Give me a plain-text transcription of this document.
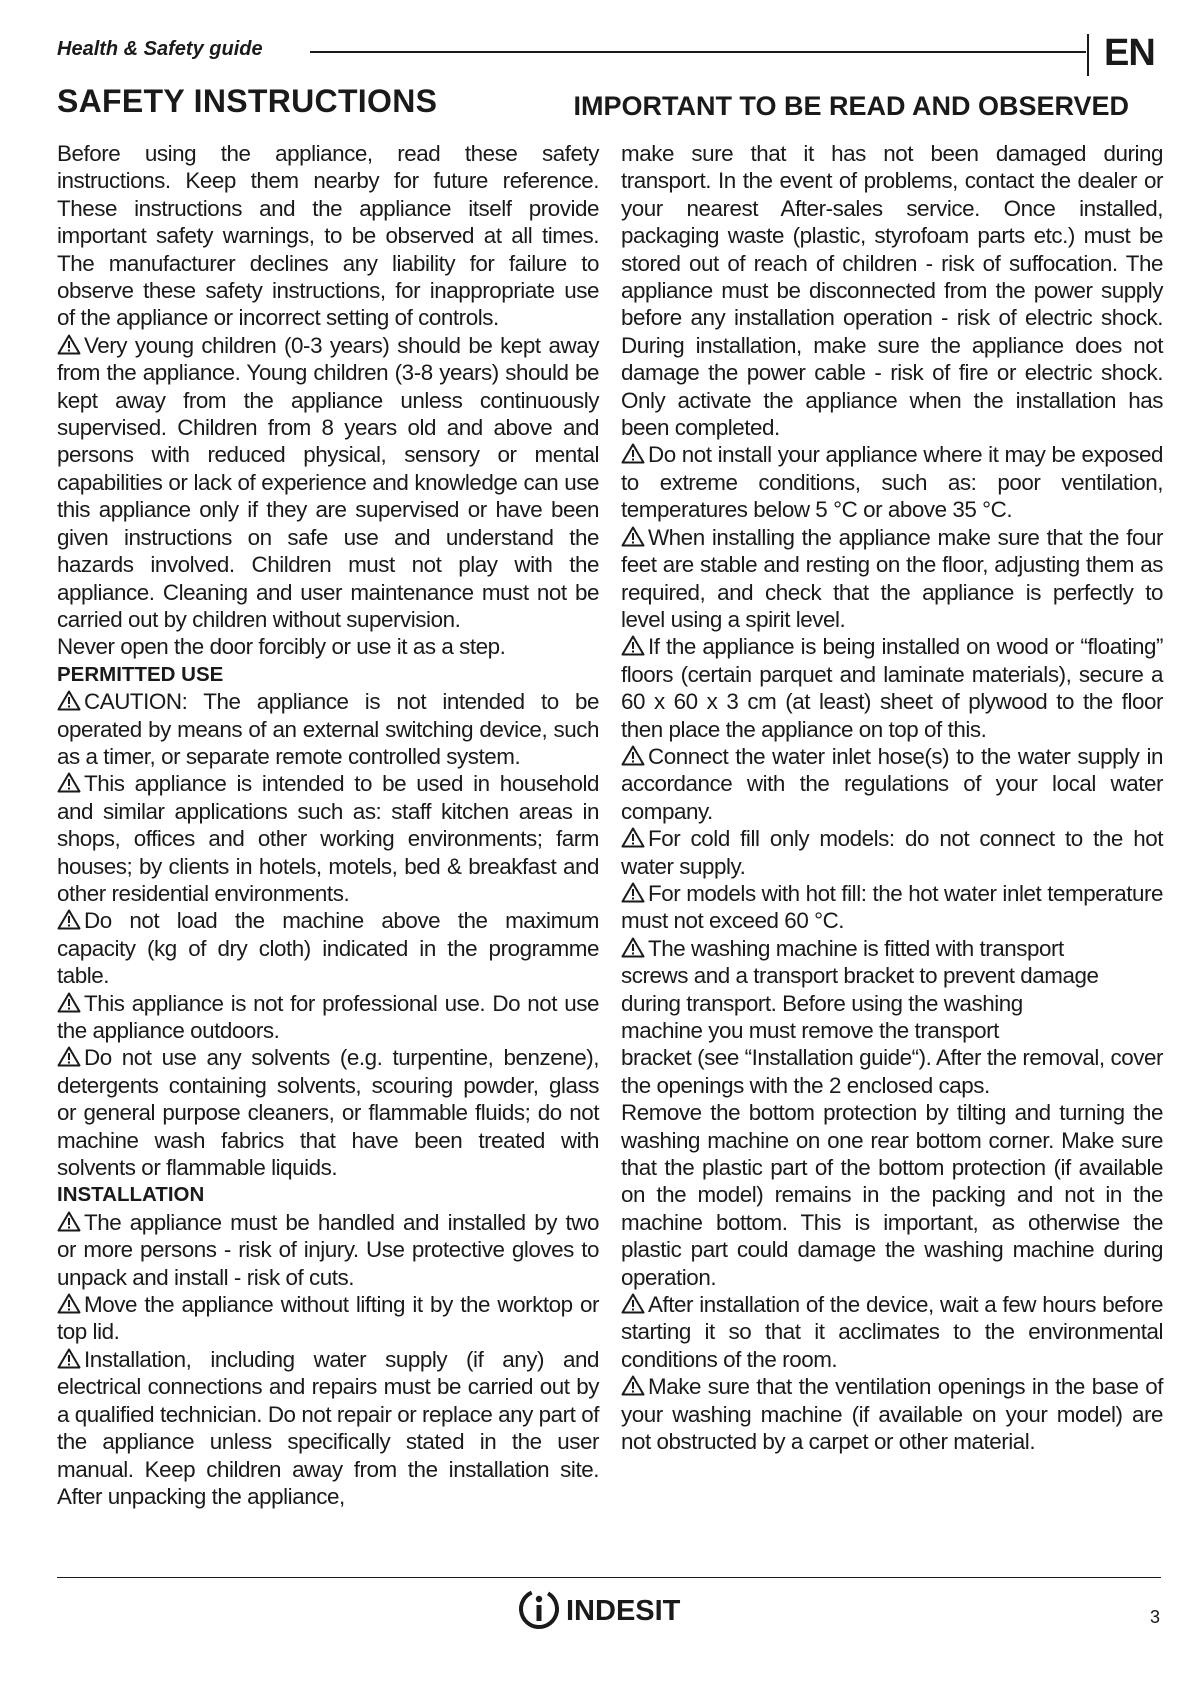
Health & Safety guide	EN
SAFETY INSTRUCTIONS	IMPORTANT TO BE READ AND OBSERVED

Before using the appliance, read these safety instructions. Keep them nearby for future reference. These instructions and the appliance itself provide important safety warnings, to be observed at all times. The manufacturer declines any liability for failure to observe these safety instructions, for inappropriate use of the appliance or incorrect setting of controls.

Very young children (0-3 years) should be kept away from the appliance. Young children (3-8 years) should be kept away from the appliance unless continuously supervised. Children from 8 years old and above and persons with reduced physical, sensory or mental capabilities or lack of experience and knowledge can use this appliance only if they are supervised or have been given instructions on safe use and understand the hazards involved. Children must not play with the appliance. Cleaning and user maintenance must not be carried out by children without supervision.

Never open the door forcibly or use it as a step.

PERMITTED USE

CAUTION: The appliance is not intended to be operated by means of an external switching device, such as a timer, or separate remote controlled system.

This appliance is intended to be used in household and similar applications such as: staff kitchen areas in shops, offices and other working environments; farm houses; by clients in hotels, motels, bed & breakfast and other residential environments.

Do not load the machine above the maximum capacity (kg of dry cloth) indicated in the programme table.

This appliance is not for professional use. Do not use the appliance outdoors.

Do not use any solvents (e.g. turpentine, benzene), detergents containing solvents, scouring powder, glass or general purpose cleaners, or flammable fluids; do not machine wash fabrics that have been treated with solvents or flammable liquids.

INSTALLATION

The appliance must be handled and installed by two or more persons - risk of injury. Use protective gloves to unpack and install - risk of cuts.

Move the appliance without lifting it by the worktop or top lid.

Installation, including water supply (if any) and electrical connections and repairs must be carried out by a qualified technician. Do not repair or replace any part of the appliance unless specifically stated in the user manual. Keep children away from the installation site. After unpacking the appliance,

make sure that it has not been damaged during transport. In the event of problems, contact the dealer or your nearest After-sales service. Once installed, packaging waste (plastic, styrofoam parts etc.) must be stored out of reach of children - risk of suffocation. The appliance must be disconnected from the power supply before any installation operation - risk of electric shock. During installation, make sure the appliance does not damage the power cable - risk of fire or electric shock. Only activate the appliance when the installation has been completed.

Do not install your appliance where it may be exposed to extreme conditions, such as: poor ventilation, temperatures below 5 °C or above 35 °C.

When installing the appliance make sure that the four feet are stable and resting on the floor, adjusting them as required, and check that the appliance is perfectly to level using a spirit level.

If the appliance is being installed on wood or “floating” floors (certain parquet and laminate materials), secure a 60 x 60 x 3 cm (at least) sheet of plywood to the floor then place the appliance on top of this.

Connect the water inlet hose(s) to the water supply in accordance with the regulations of your local water company.

For cold fill only models: do not connect to the hot water supply.

For models with hot fill: the hot water inlet temperature must not exceed 60 °C.

The washing machine is fitted with transport
screws and a transport bracket to prevent damage
during transport. Before using the washing
machine you must remove the transport

bracket (see “Installation guide“). After the removal, cover the openings with the 2 enclosed caps.

Remove the bottom protection by tilting and turning the washing machine on one rear bottom corner. Make sure that the plastic part of the bottom protection (if available on the model) remains in the packing and not in the machine bottom. This is important, as otherwise the plastic part could damage the washing machine during operation.

After installation of the device, wait a few hours before starting it so that it acclimates to the environmental conditions of the room.

Make sure that the ventilation openings in the base of your washing machine (if available on your model) are not obstructed by a carpet or other material.

INDESIT	3
